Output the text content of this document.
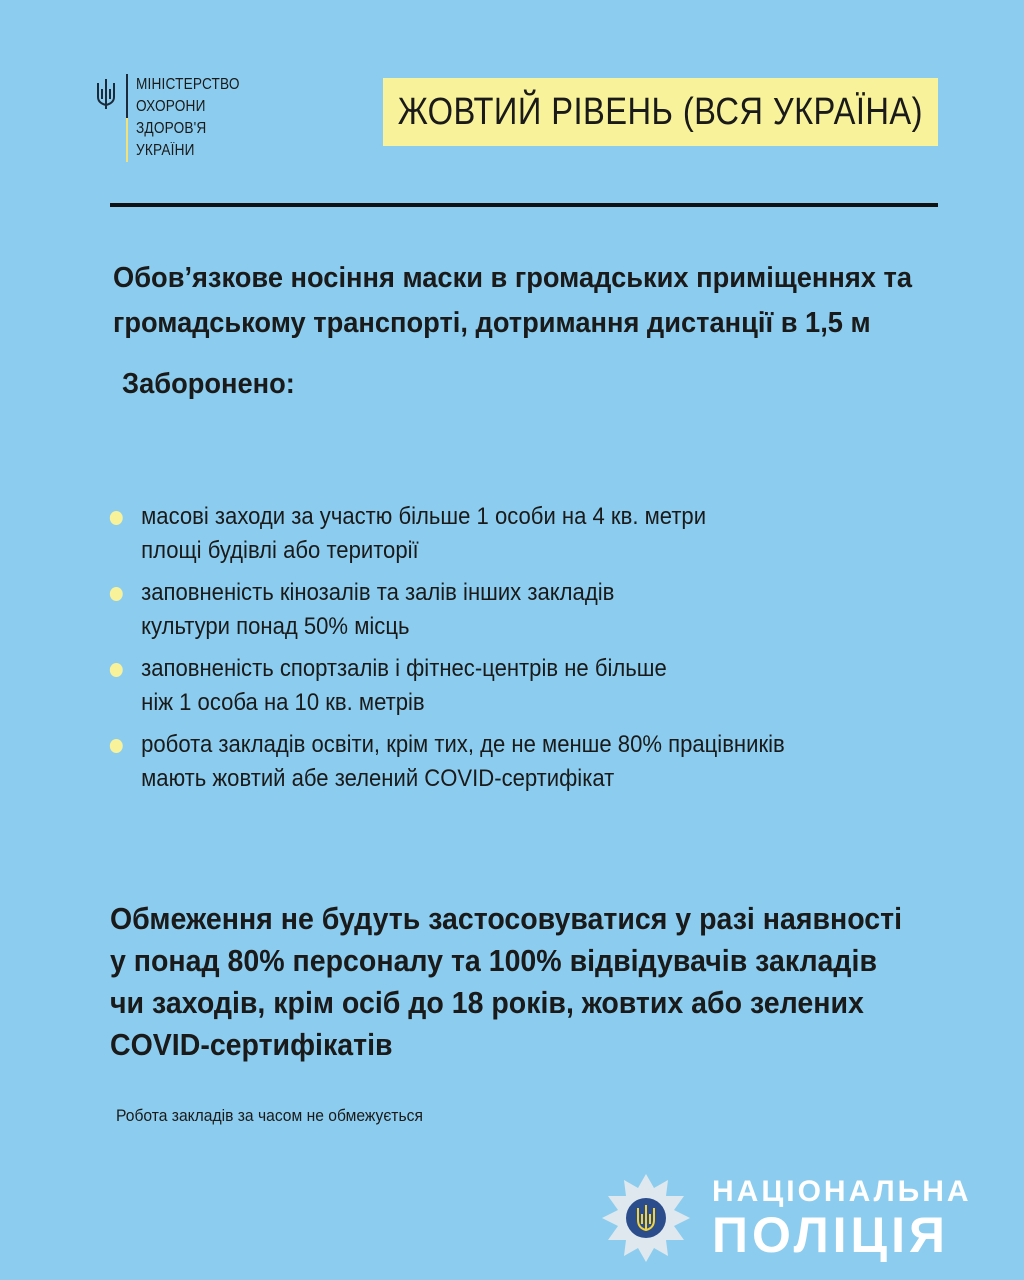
МІНІСТЕРСТВО
ОХОРОНИ
ЗДОРОВ'Я
УКРАЇНИ
ЖОВТИЙ РІВЕНЬ (ВСЯ УКРАЇНА)
Обов’язкове носіння маски в громадських приміщеннях та
громадському транспорті, дотримання дистанції в 1,5 м
Заборонено:
масові заходи за участю більше 1 особи на 4 кв. метри
площі будівлі або території
заповненість кінозалів та залів інших закладів
культури понад 50% місць
заповненість спортзалів і фітнес-центрів не більше
ніж 1 особа на 10 кв. метрів
робота закладів освіти, крім тих, де не менше 80% працівників
мають жовтий абе зелений COVID-сертифікат
Обмеження не будуть застосовуватися у разі наявності
у понад 80% персоналу та 100% відвідувачів закладів
чи заходів, крім осіб до 18 років, жовтих або зелених
COVID-сертифікатів
Робота закладів за часом не обмежується
НАЦІОНАЛЬНА
ПОЛІЦІЯ
